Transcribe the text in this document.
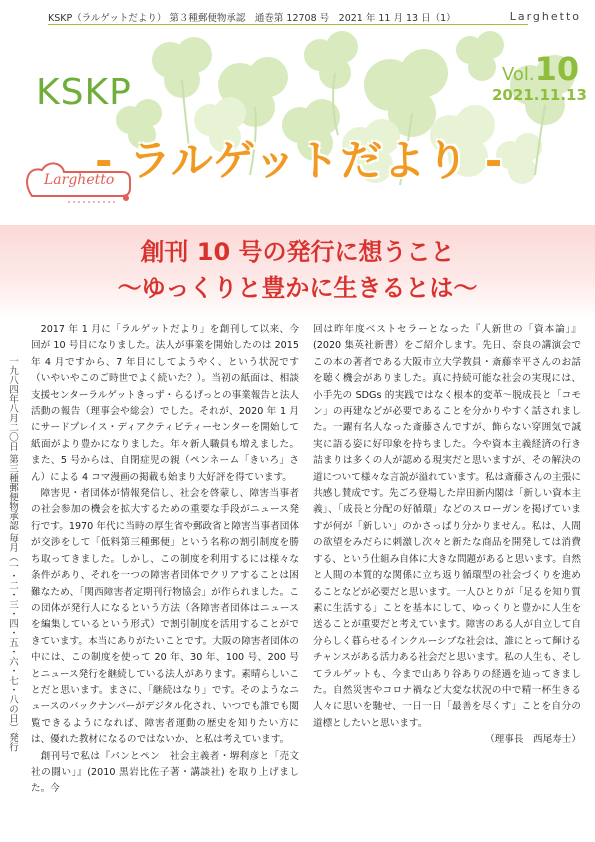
KSKP（ラルゲットだより） 第３種郵便物承認　通巻第 12708 号　2021 年 11 月 13 日（1）	Larghetto
KSKP	Vol.10
2021.11.13
Larghetto
- ラルゲットだより -
創刊 10 号の発行に想うこと
～ゆっくりと豊かに生きるとは～
一九八四年八月二〇日 第三種郵便物承認 毎月（一・二・三・四・五・六・七・八の日）発行

2017 年 1 月に「ラルゲットだより」を創刊して以来、今回が 10 号目になりました。法人が事業を開始したのは 2015 年 4 月ですから、7 年目にしてようやく、という状況です（いやいやこのご時世でよく続いた？）。当初の紙面は、相談支援センターラルゲットきっず・らるげっとの事業報告と法人活動の報告（理事会や総会）でした。それが、2020 年 1 月にサードプレイス・ディアクティビティーセンターを開始して紙面がより豊かになりました。年々新人職員も増えました。また、5 号からは、自閉症児の親（ペンネーム「きいろ」さん）による 4 コマ漫画の掲載も始まり大好評を得ています。

障害児・者団体が情報発信し、社会を啓蒙し、障害当事者の社会参加の機会を拡大するための重要な手段がニュース発行です。1970 年代に当時の厚生省や郵政省と障害当事者団体が交渉をして「低料第三種郵便」という名称の割引制度を勝ち取ってきました。しかし、この制度を利用するには様々な条件があり、それを一つの障害者団体でクリアすることは困難なため、「関西障害者定期刊行物協会」が作られました。この団体が発行人になるという方法（各障害者団体はニュースを編集しているという形式）で割引制度を活用することができています。本当にありがたいことです。大阪の障害者団体の中には、この制度を使って 20 年、30 年、100 号、200 号とニュース発行を継続している法人があります。素晴らしいことだと思います。まさに、「継続はなり」です。そのようなニュースのバックナンバーがデジタル化され、いつでも誰でも閲覧できるようになれば、障害者運動の歴史を知りたい方には、優れた教材になるのではないか、と私は考えています。

創刊号で私は『パンとペン　社会主義者・堺利彦と「売文社の闘い」』(2010 黒岩比佐子著・講談社) を取り上げました。今

回は昨年度ベストセラーとなった『人新世の「資本論」』(2020 集英社新書）をご紹介します。先日、奈良の講演会でこの本の著者である大阪市立大学教員・斎藤幸平さんのお話を聴く機会がありました。真に持続可能な社会の実現には、小手先の SDGs 的実践ではなく根本的変革～脱成長と「コモン」の再建などが必要であることを分かりやすく話されました。一躍有名人なった斎藤さんですが、飾らない穿囲気で誠実に語る姿に好印象を持ちました。今や資本主義経済の行き詰まりは多くの人が認める現実だと思いますが、その解決の道について様々な言説が溢れています。私は斎藤さんの主張に共感し賛成です。先ごろ登場した岸田新内閣は「新しい資本主義」、「成長と分配の好循環」などのスローガンを掲げていますが何が「新しい」のかさっぱり分かりません。私は、人間の欲望をみだらに刺激し次々と新たな商品を開発しては消費する、という仕組み自体に大きな問題があると思います。自然と人間の本質的な関係に立ち返り循環型の社会づくりを進めることなどが必要だと思います。一人ひとりが「足るを知り質素に生活する」ことを基本にして、ゆっくりと豊かに人生を送ることが重要だと考えています。障害のある人が自立して自分らしく暮らせるインクルーシブな社会は、誰にとって輝けるチャンスがある活力ある社会だと思います。私の人生も、そしてラルゲットも、今まで山あり谷ありの経過を辿ってきました。自然災害やコロナ禍など大変な状況の中で精一杯生きる人々に思いを馳せ、一日一日「最善を尽くす」ことを自分の道標としたいと思います。

（理事長　西尾寿士）
